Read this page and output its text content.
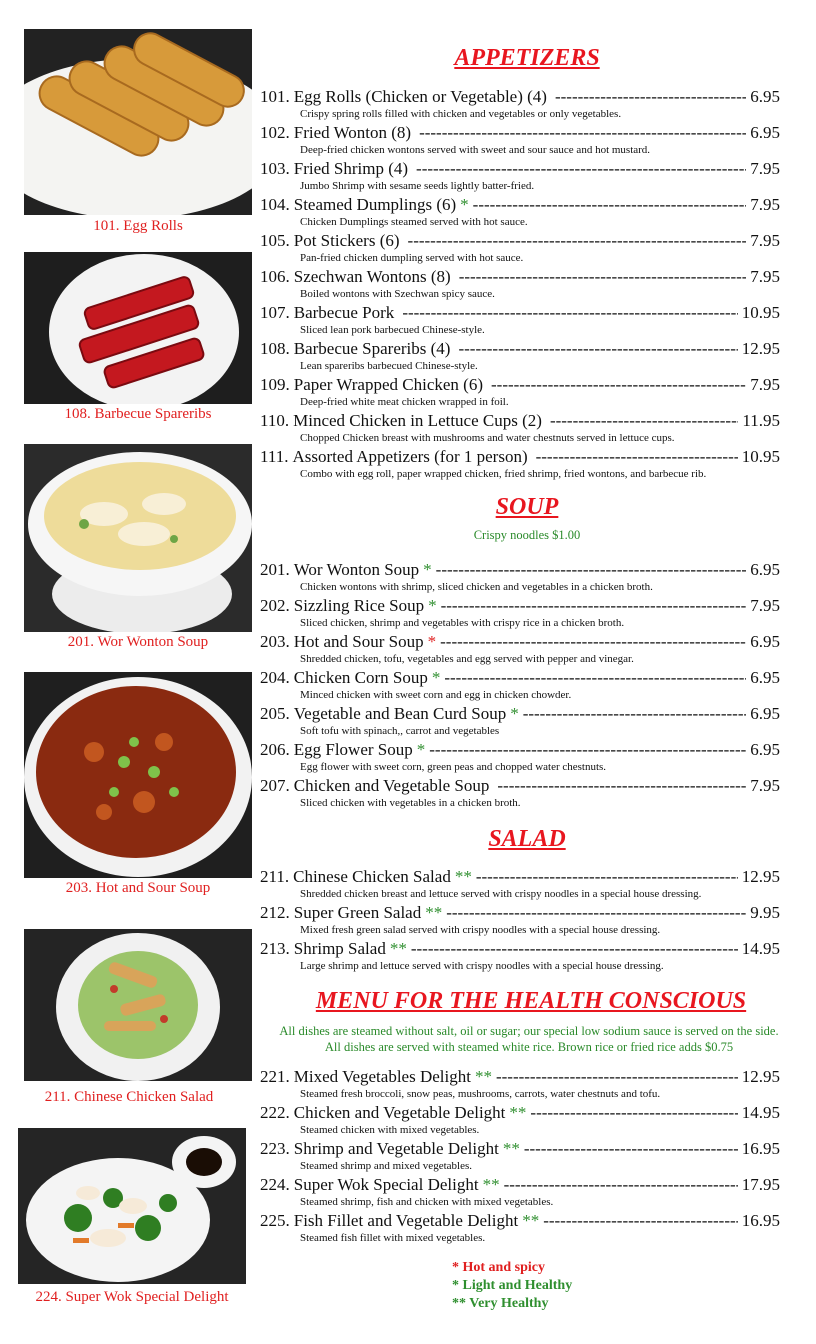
101. Egg Rolls
108. Barbecue Spareribs
201. Wor Wonton Soup
203. Hot and Sour Soup
211. Chinese Chicken Salad
224. Super Wok Special Delight
APPETIZERS
101. Egg Rolls (Chicken or Vegetable) (4) -----	6.95
Crispy spring rolls filled with chicken and vegetables or only vegetables.
102. Fried Wonton (8) -----	6.95
Deep-fried chicken wontons served with sweet and sour sauce and hot mustard.
103. Fried Shrimp (4) -----	7.95
Jumbo Shrimp with sesame seeds lightly batter-fried.
104. Steamed Dumplings (6) * -----	7.95
Chicken Dumplings steamed served with hot sauce.
105. Pot Stickers (6) -----	7.95
Pan-fried chicken dumpling served with hot sauce.
106. Szechwan Wontons (8) -----	7.95
Boiled wontons with Szechwan spicy sauce.
107. Barbecue Pork -----	10.95
Sliced lean pork barbecued Chinese-style.
108. Barbecue Spareribs (4) -----	12.95
Lean spareribs barbecued Chinese-style.
109. Paper Wrapped Chicken (6) -----	7.95
Deep-fried white meat chicken wrapped in foil.
110. Minced Chicken in Lettuce Cups (2) -----	11.95
Chopped Chicken breast with mushrooms and water chestnuts served in lettuce cups.
111. Assorted Appetizers (for 1 person) -----	10.95
Combo with egg roll, paper wrapped chicken, fried shrimp, fried wontons, and barbecue rib.
SOUP
Crispy noodles $1.00
201. Wor Wonton Soup * -----	6.95
Chicken wontons with shrimp, sliced chicken and vegetables in a chicken broth.
202. Sizzling Rice Soup * -----	7.95
Sliced chicken, shrimp and vegetables with crispy rice in a chicken broth.
203. Hot and Sour Soup * -----	6.95
Shredded chicken, tofu, vegetables and egg served with pepper and vinegar.
204. Chicken Corn Soup * -----	6.95
Minced chicken with sweet corn and egg in chicken chowder.
205. Vegetable and Bean Curd Soup * -----	6.95
Soft tofu with spinach,, carrot and vegetables
206. Egg Flower Soup * -----	6.95
Egg flower with sweet corn, green peas and chopped water chestnuts.
207. Chicken and Vegetable Soup -----	7.95
Sliced chicken with vegetables in a chicken broth.
SALAD
211. Chinese Chicken Salad ** -----	12.95
Shredded chicken breast and lettuce served with crispy noodles in a special house dressing.
212. Super Green Salad ** -----	9.95
Mixed fresh green salad served with crispy noodles with a special house dressing.
213. Shrimp Salad ** -----	14.95
Large shrimp and lettuce served with crispy noodles with a special house dressing.
MENU FOR THE HEALTH CONSCIOUS
All dishes are steamed without salt, oil or sugar; our special low sodium sauce is served on the side. All dishes are served with steamed white rice. Brown rice or fried rice adds $0.75
221. Mixed Vegetables Delight ** -----	12.95
Steamed fresh broccoli, snow peas, mushrooms, carrots, water chestnuts and tofu.
222. Chicken and Vegetable Delight ** -----	14.95
Steamed chicken with mixed vegetables.
223. Shrimp and Vegetable Delight ** -----	16.95
Steamed shrimp and mixed vegetables.
224. Super Wok Special Delight ** -----	17.95
Steamed shrimp, fish and chicken with mixed vegetables.
225. Fish Fillet and Vegetable Delight ** -----	16.95
Steamed fish fillet with mixed vegetables.
* Hot and spicy
* Light and Healthy
** Very Healthy
